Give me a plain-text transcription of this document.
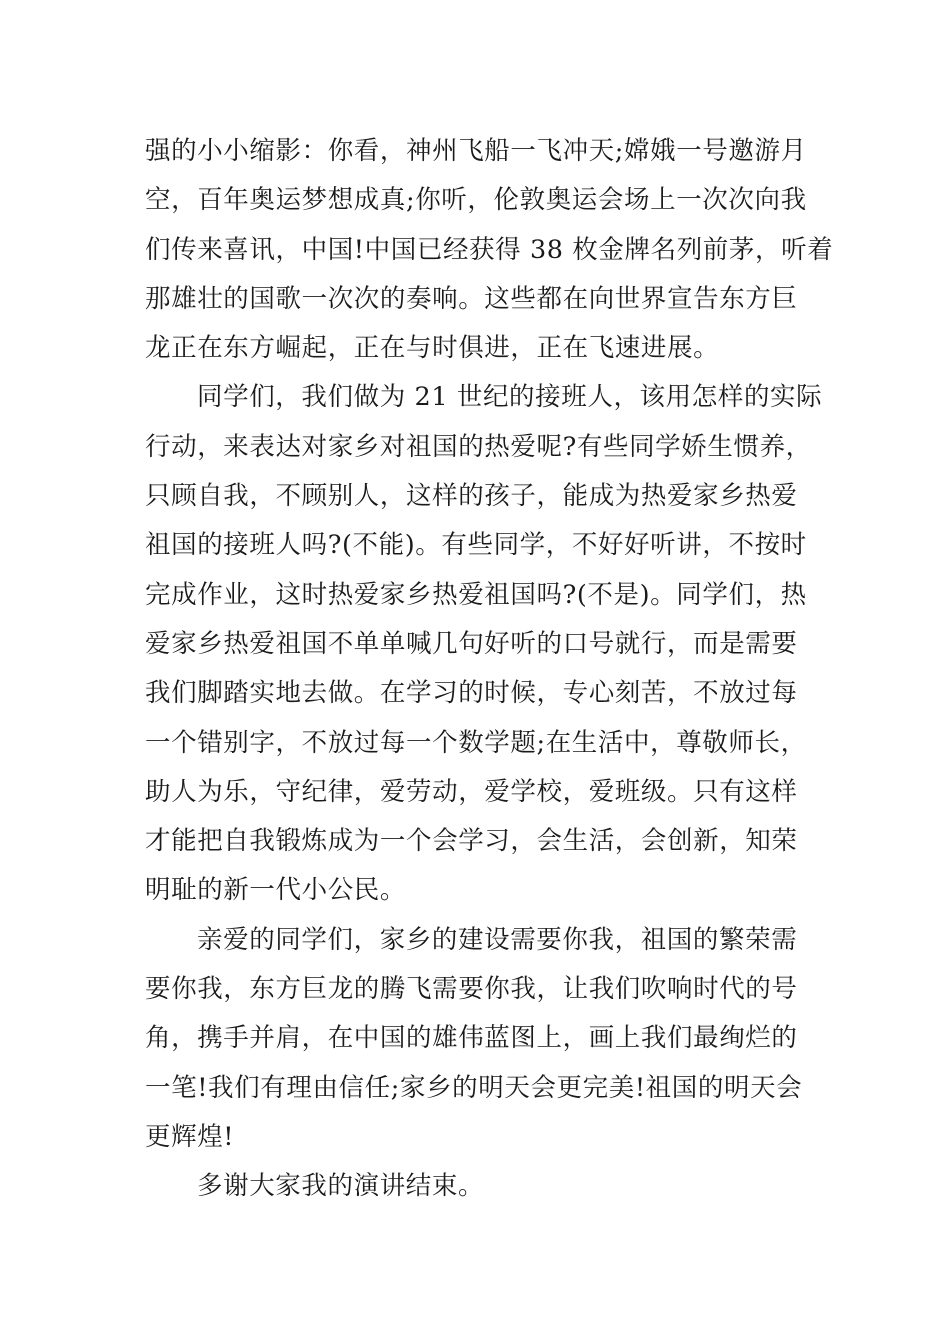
强的小小缩影：你看，神州飞船一飞冲天;嫦娥一号邀游月
空，百年奥运梦想成真;你听，伦敦奥运会场上一次次向我
们传来喜讯，中国!中国已经获得 38 枚金牌名列前茅，听着
那雄壮的国歌一次次的奏响。这些都在向世界宣告东方巨
龙正在东方崛起，正在与时俱进，正在飞速进展。
同学们，我们做为 21 世纪的接班人，该用怎样的实际
行动，来表达对家乡对祖国的热爱呢?有些同学娇生惯养，
只顾自我，不顾别人，这样的孩子，能成为热爱家乡热爱
祖国的接班人吗?(不能)。有些同学，不好好听讲，不按时
完成作业，这时热爱家乡热爱祖国吗?(不是)。同学们，热
爱家乡热爱祖国不单单喊几句好听的口号就行，而是需要
我们脚踏实地去做。在学习的时候，专心刻苦，不放过每
一个错别字，不放过每一个数学题;在生活中，尊敬师长，
助人为乐，守纪律，爱劳动，爱学校，爱班级。只有这样
才能把自我锻炼成为一个会学习，会生活，会创新，知荣
明耻的新一代小公民。
亲爱的同学们，家乡的建设需要你我，祖国的繁荣需
要你我，东方巨龙的腾飞需要你我，让我们吹响时代的号
角，携手并肩，在中国的雄伟蓝图上，画上我们最绚烂的
一笔!我们有理由信任;家乡的明天会更完美!祖国的明天会
更辉煌!
多谢大家我的演讲结束。
